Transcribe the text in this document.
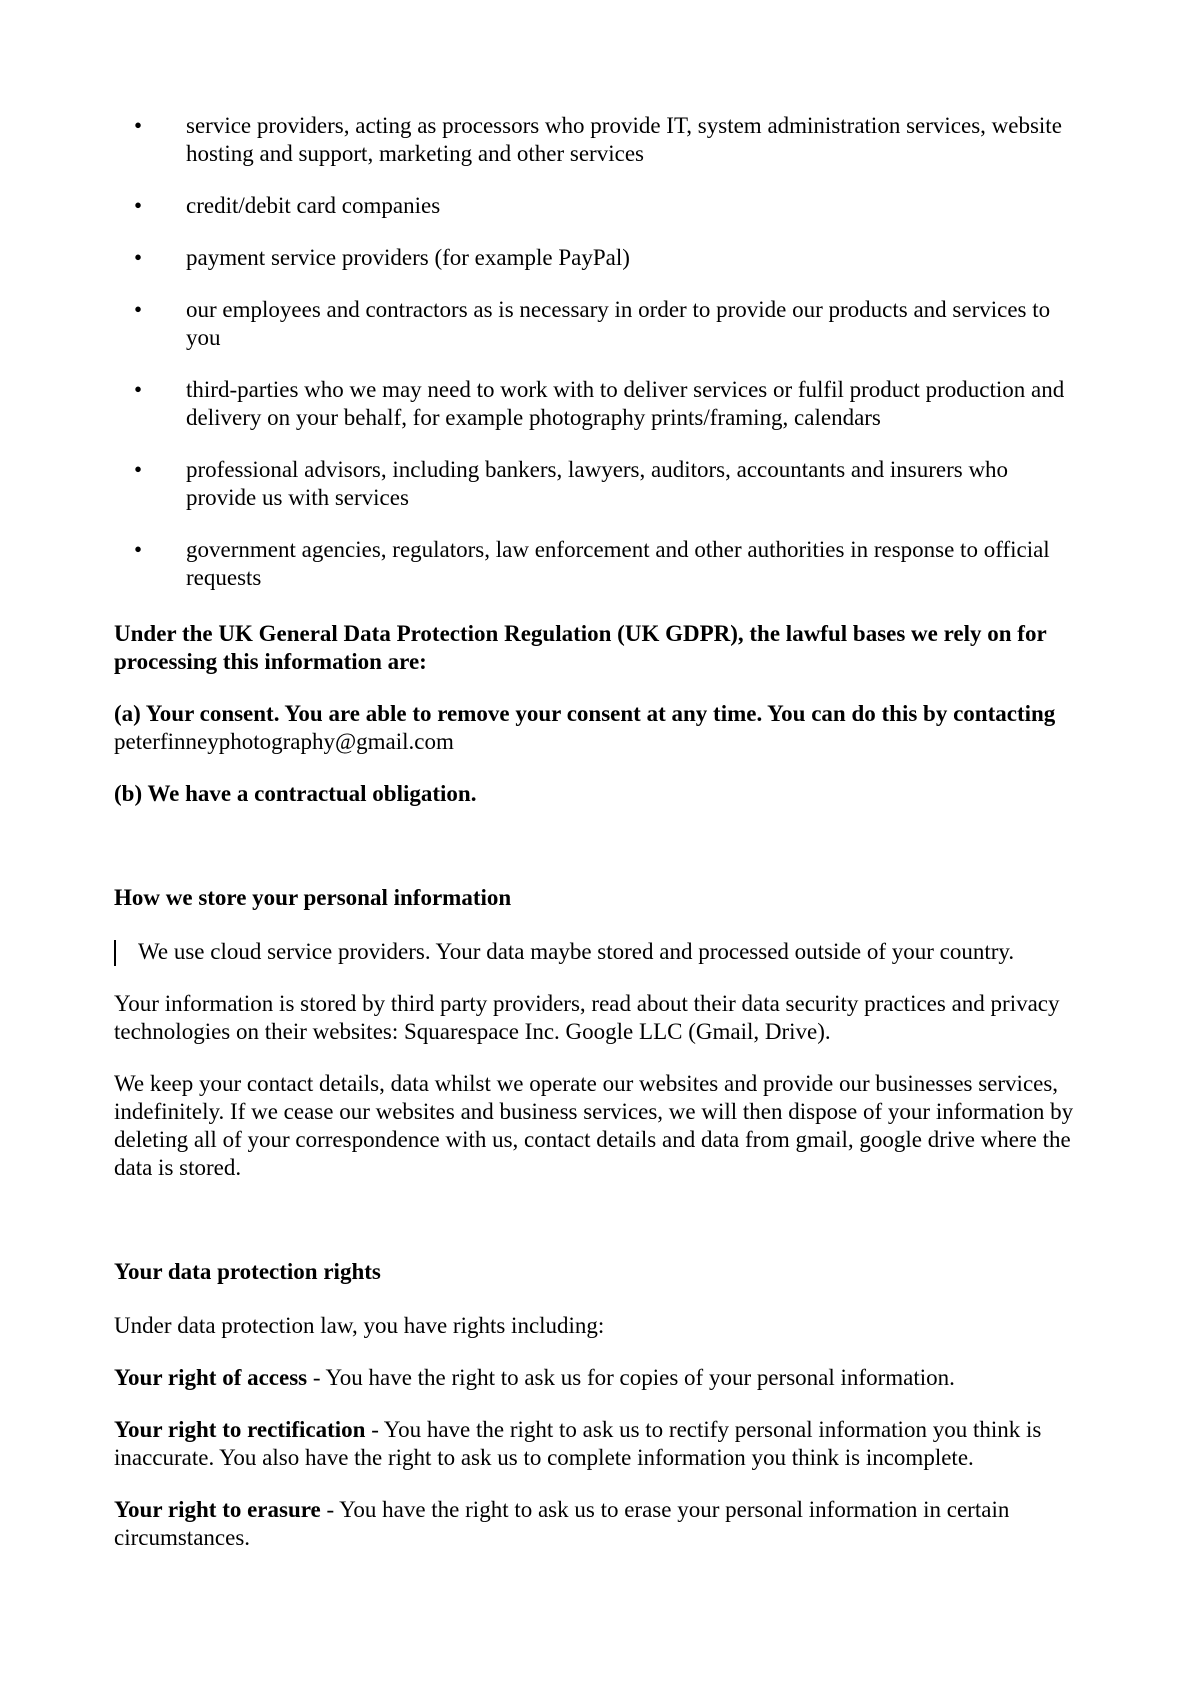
• service providers, acting as processors who provide IT, system administration services, website hosting and support, marketing and other services
• credit/debit card companies
• payment service providers (for example PayPal)
• our employees and contractors as is necessary in order to provide our products and services to you
• third-parties who we may need to work with to deliver services or fulfil product production and delivery on your behalf, for example photography prints/framing, calendars
• professional advisors, including bankers, lawyers, auditors, accountants and insurers who provide us with services
• government agencies, regulators, law enforcement and other authorities in response to official requests

Under the UK General Data Protection Regulation (UK GDPR), the lawful bases we rely on for processing this information are:

(a) Your consent. You are able to remove your consent at any time. You can do this by contacting peterfinneyphotography@gmail.com

(b) We have a contractual obligation.

How we store your personal information

We use cloud service providers. Your data maybe stored and processed outside of your country.

Your information is stored by third party providers, read about their data security practices and privacy technologies on their websites: Squarespace Inc. Google LLC (Gmail, Drive).

We keep your contact details, data whilst we operate our websites and provide our businesses services, indefinitely. If we cease our websites and business services, we will then dispose of your information by deleting all of your correspondence with us, contact details and data from gmail, google drive where the data is stored.

Your data protection rights

Under data protection law, you have rights including:

Your right of access - You have the right to ask us for copies of your personal information.

Your right to rectification - You have the right to ask us to rectify personal information you think is inaccurate. You also have the right to ask us to complete information you think is incomplete.

Your right to erasure - You have the right to ask us to erase your personal information in certain circumstances.
